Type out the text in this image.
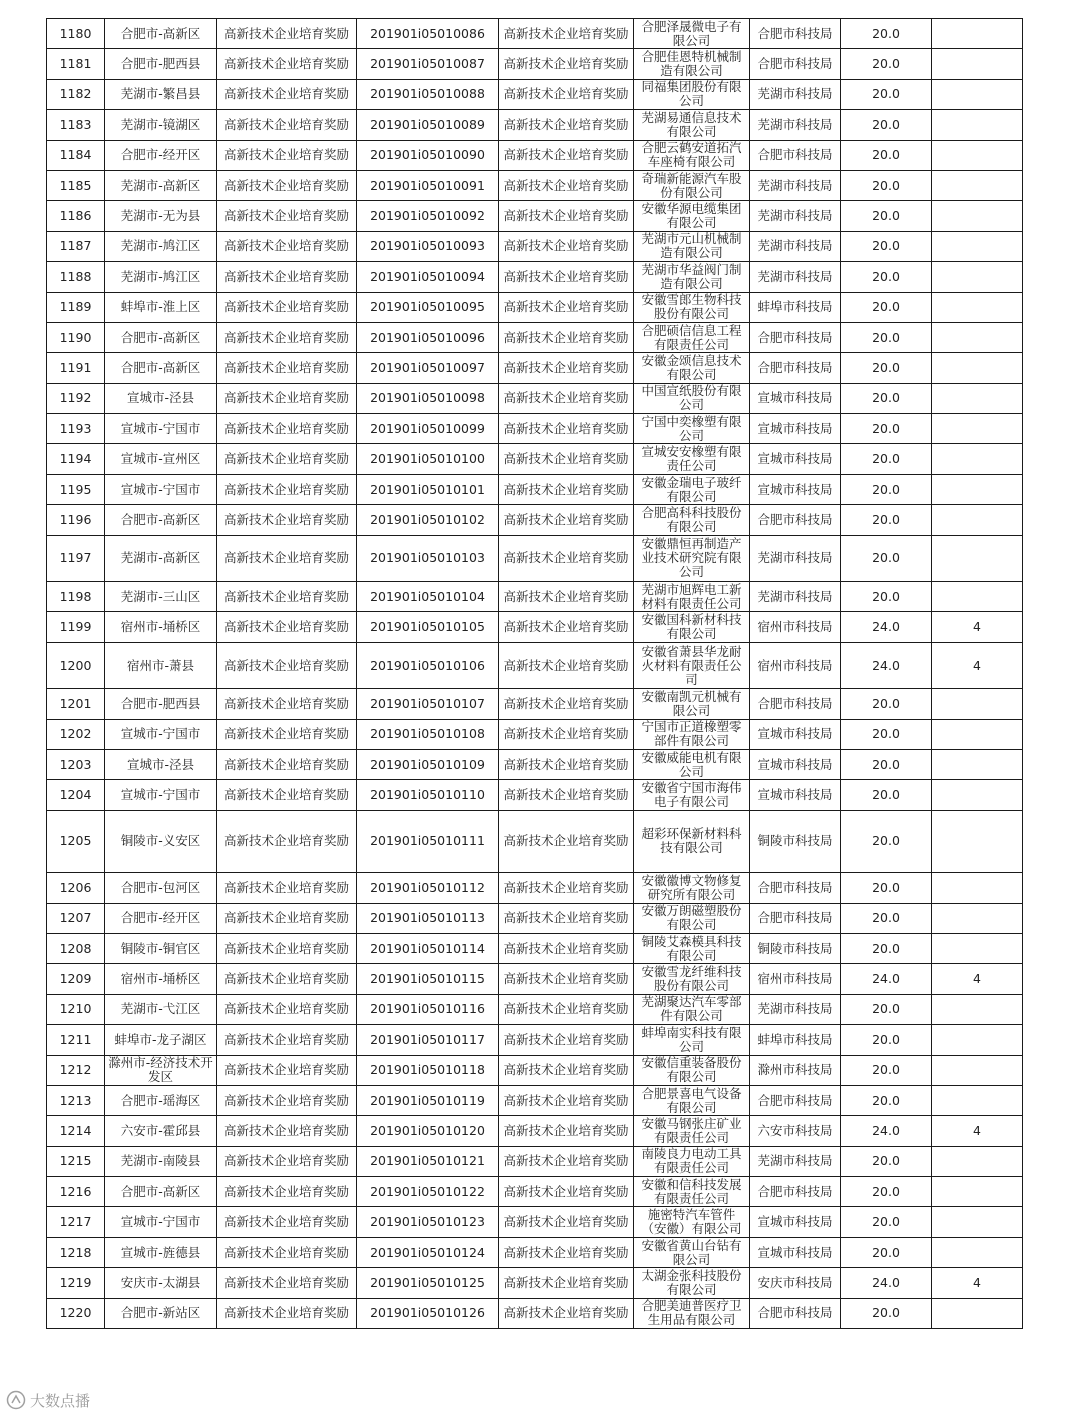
1180	合肥市-高新区	高新技术企业培育奖励	201901i05010086	高新技术企业培育奖励	合肥泽晟微电子有限公司	合肥市科技局	20.0	
1181	合肥市-肥西县	高新技术企业培育奖励	201901i05010087	高新技术企业培育奖励	合肥佳恩特机械制造有限公司	合肥市科技局	20.0	
1182	芜湖市-繁昌县	高新技术企业培育奖励	201901i05010088	高新技术企业培育奖励	同福集团股份有限公司	芜湖市科技局	20.0	
1183	芜湖市-镜湖区	高新技术企业培育奖励	201901i05010089	高新技术企业培育奖励	芜湖易通信息技术有限公司	芜湖市科技局	20.0	
1184	合肥市-经开区	高新技术企业培育奖励	201901i05010090	高新技术企业培育奖励	合肥云鹤安道拓汽车座椅有限公司	合肥市科技局	20.0	
1185	芜湖市-高新区	高新技术企业培育奖励	201901i05010091	高新技术企业培育奖励	奇瑞新能源汽车股份有限公司	芜湖市科技局	20.0	
1186	芜湖市-无为县	高新技术企业培育奖励	201901i05010092	高新技术企业培育奖励	安徽华源电缆集团有限公司	芜湖市科技局	20.0	
1187	芜湖市-鸠江区	高新技术企业培育奖励	201901i05010093	高新技术企业培育奖励	芜湖市元山机械制造有限公司	芜湖市科技局	20.0	
1188	芜湖市-鸠江区	高新技术企业培育奖励	201901i05010094	高新技术企业培育奖励	芜湖市华益阀门制造有限公司	芜湖市科技局	20.0	
1189	蚌埠市-淮上区	高新技术企业培育奖励	201901i05010095	高新技术企业培育奖励	安徽雪郎生物科技股份有限公司	蚌埠市科技局	20.0	
1190	合肥市-高新区	高新技术企业培育奖励	201901i05010096	高新技术企业培育奖励	合肥硕信信息工程有限责任公司	合肥市科技局	20.0	
1191	合肥市-高新区	高新技术企业培育奖励	201901i05010097	高新技术企业培育奖励	安徽金颂信息技术有限公司	合肥市科技局	20.0	
1192	宣城市-泾县	高新技术企业培育奖励	201901i05010098	高新技术企业培育奖励	中国宣纸股份有限公司	宣城市科技局	20.0	
1193	宣城市-宁国市	高新技术企业培育奖励	201901i05010099	高新技术企业培育奖励	宁国中奕橡塑有限公司	宣城市科技局	20.0	
1194	宣城市-宣州区	高新技术企业培育奖励	201901i05010100	高新技术企业培育奖励	宣城安安橡塑有限责任公司	宣城市科技局	20.0	
1195	宣城市-宁国市	高新技术企业培育奖励	201901i05010101	高新技术企业培育奖励	安徽金瑞电子玻纤有限公司	宣城市科技局	20.0	
1196	合肥市-高新区	高新技术企业培育奖励	201901i05010102	高新技术企业培育奖励	合肥高科科技股份有限公司	合肥市科技局	20.0	
1197	芜湖市-高新区	高新技术企业培育奖励	201901i05010103	高新技术企业培育奖励	安徽鼎恒再制造产业技术研究院有限公司	芜湖市科技局	20.0	
1198	芜湖市-三山区	高新技术企业培育奖励	201901i05010104	高新技术企业培育奖励	芜湖市旭辉电工新材料有限责任公司	芜湖市科技局	20.0	
1199	宿州市-埇桥区	高新技术企业培育奖励	201901i05010105	高新技术企业培育奖励	安徽国科新材科技有限公司	宿州市科技局	24.0	4
1200	宿州市-萧县	高新技术企业培育奖励	201901i05010106	高新技术企业培育奖励	安徽省萧县华龙耐火材料有限责任公司	宿州市科技局	24.0	4
1201	合肥市-肥西县	高新技术企业培育奖励	201901i05010107	高新技术企业培育奖励	安徽南凯元机械有限公司	合肥市科技局	20.0	
1202	宣城市-宁国市	高新技术企业培育奖励	201901i05010108	高新技术企业培育奖励	宁国市正道橡塑零部件有限公司	宣城市科技局	20.0	
1203	宣城市-泾县	高新技术企业培育奖励	201901i05010109	高新技术企业培育奖励	安徽威能电机有限公司	宣城市科技局	20.0	
1204	宣城市-宁国市	高新技术企业培育奖励	201901i05010110	高新技术企业培育奖励	安徽省宁国市海伟电子有限公司	宣城市科技局	20.0	
1205	铜陵市-义安区	高新技术企业培育奖励	201901i05010111	高新技术企业培育奖励	超彩环保新材料科技有限公司	铜陵市科技局	20.0	
1206	合肥市-包河区	高新技术企业培育奖励	201901i05010112	高新技术企业培育奖励	安徽徽博文物修复研究所有限公司	合肥市科技局	20.0	
1207	合肥市-经开区	高新技术企业培育奖励	201901i05010113	高新技术企业培育奖励	安徽万朗磁塑股份有限公司	合肥市科技局	20.0	
1208	铜陵市-铜官区	高新技术企业培育奖励	201901i05010114	高新技术企业培育奖励	铜陵艾森模具科技有限公司	铜陵市科技局	20.0	
1209	宿州市-埇桥区	高新技术企业培育奖励	201901i05010115	高新技术企业培育奖励	安徽雪龙纤维科技股份有限公司	宿州市科技局	24.0	4
1210	芜湖市-弋江区	高新技术企业培育奖励	201901i05010116	高新技术企业培育奖励	芜湖聚达汽车零部件有限公司	芜湖市科技局	20.0	
1211	蚌埠市-龙子湖区	高新技术企业培育奖励	201901i05010117	高新技术企业培育奖励	蚌埠南实科技有限公司	蚌埠市科技局	20.0	
1212	滁州市-经济技术开发区	高新技术企业培育奖励	201901i05010118	高新技术企业培育奖励	安徽信重装备股份有限公司	滁州市科技局	20.0	
1213	合肥市-瑶海区	高新技术企业培育奖励	201901i05010119	高新技术企业培育奖励	合肥景喜电气设备有限公司	合肥市科技局	20.0	
1214	六安市-霍邱县	高新技术企业培育奖励	201901i05010120	高新技术企业培育奖励	安徽马钢张庄矿业有限责任公司	六安市科技局	24.0	4
1215	芜湖市-南陵县	高新技术企业培育奖励	201901i05010121	高新技术企业培育奖励	南陵良力电动工具有限责任公司	芜湖市科技局	20.0	
1216	合肥市-高新区	高新技术企业培育奖励	201901i05010122	高新技术企业培育奖励	安徽和信科技发展有限责任公司	合肥市科技局	20.0	
1217	宣城市-宁国市	高新技术企业培育奖励	201901i05010123	高新技术企业培育奖励	施密特汽车管件（安徽）有限公司	宣城市科技局	20.0	
1218	宣城市-旌德县	高新技术企业培育奖励	201901i05010124	高新技术企业培育奖励	安徽省黄山台钻有限公司	宣城市科技局	20.0	
1219	安庆市-太湖县	高新技术企业培育奖励	201901i05010125	高新技术企业培育奖励	太湖金张科技股份有限公司	安庆市科技局	24.0	4
1220	合肥市-新站区	高新技术企业培育奖励	201901i05010126	高新技术企业培育奖励	合肥美迪普医疗卫生用品有限公司	合肥市科技局	20.0	
大数点播
